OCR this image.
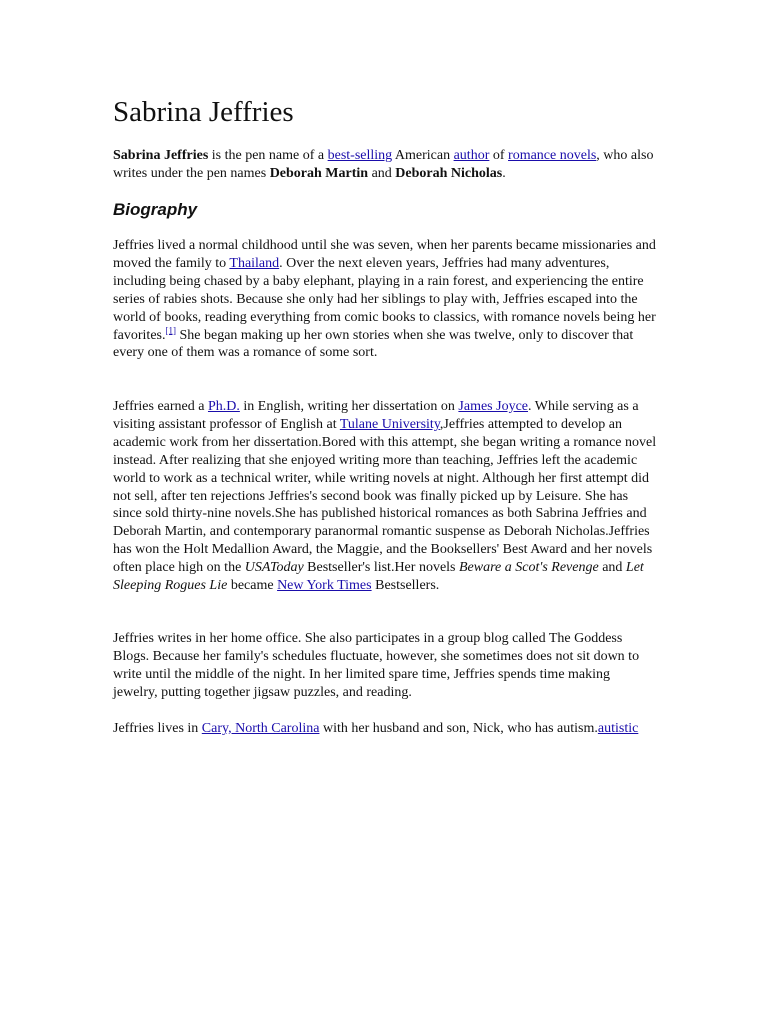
Sabrina Jeffries

Sabrina Jeffries is the pen name of a best-selling American author of romance novels, who also writes under the pen names Deborah Martin and Deborah Nicholas.

Biography

Jeffries lived a normal childhood until she was seven, when her parents became missionaries and moved the family to Thailand. Over the next eleven years, Jeffries had many adventures, including being chased by a baby elephant, playing in a rain forest, and experiencing the entire series of rabies shots. Because she only had her siblings to play with, Jeffries escaped into the world of books, reading everything from comic books to classics, with romance novels being her favorites.[1] She began making up her own stories when she was twelve, only to discover that every one of them was a romance of some sort.

Jeffries earned a Ph.D. in English, writing her dissertation on James Joyce. While serving as a visiting assistant professor of English at Tulane University,Jeffries attempted to develop an academic work from her dissertation.Bored with this attempt, she began writing a romance novel instead. After realizing that she enjoyed writing more than teaching, Jeffries left the academic world to work as a technical writer, while writing novels at night. Although her first attempt did not sell, after ten rejections Jeffries's second book was finally picked up by Leisure. She has since sold thirty-nine novels.She has published historical romances as both Sabrina Jeffries and Deborah Martin, and contemporary paranormal romantic suspense as Deborah Nicholas.Jeffries has won the Holt Medallion Award, the Maggie, and the Booksellers' Best Award and her novels often place high on the USAToday Bestseller's list.Her novels Beware a Scot's Revenge and Let Sleeping Rogues Lie became New York Times Bestsellers.

Jeffries writes in her home office. She also participates in a group blog called The Goddess Blogs. Because her family's schedules fluctuate, however, she sometimes does not sit down to write until the middle of the night. In her limited spare time, Jeffries spends time making jewelry, putting together jigsaw puzzles, and reading.

Jeffries lives in Cary, North Carolina with her husband and son, Nick, who has autism.autistic
